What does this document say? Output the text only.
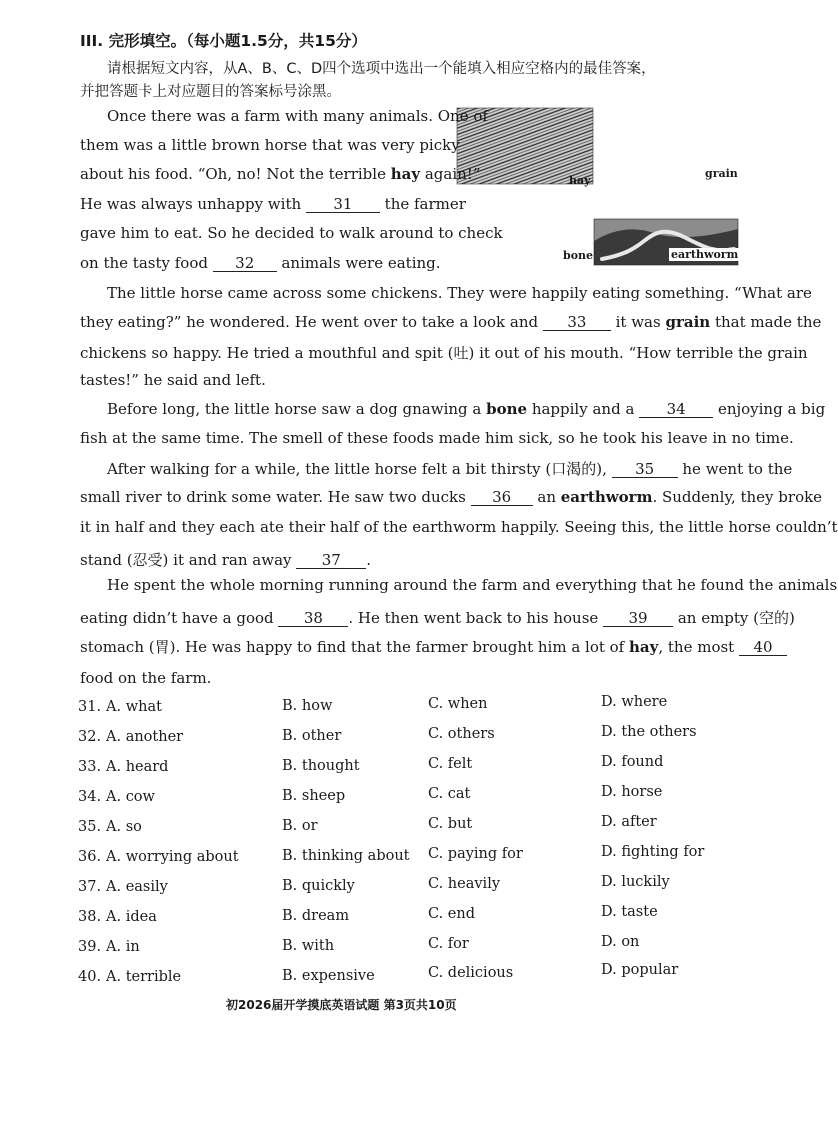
III. 完形填空。（每小题1.5分，共15分）
请根据短文内容，从A、B、C、D四个选项中选出一个能填入相应空格内的最佳答案，
并把答题卡上对应题目的答案标号涂黑。
hay
grain
bone	earthworm
Once there was a farm with many animals. One of
them was a little brown horse that was very picky
about his food. “Oh, no! Not the terrible hay again!”
He was always unhappy with 31 the farmer
gave him to eat. So he decided to walk around to check
on the tasty food 32 animals were eating.
The little horse came across some chickens. They were happily eating something. “What are
they eating?” he wondered. He went over to take a look and 33 it was grain that made the
chickens so happy. He tried a mouthful and spit (吐) it out of his mouth. “How terrible the grain
tastes!” he said and left.
Before long, the little horse saw a dog gnawing a bone happily and a 34 enjoying a big
fish at the same time. The smell of these foods made him sick, so he took his leave in no time.
After walking for a while, the little horse felt a bit thirsty (口渴的), 35 he went to the
small river to drink some water. He saw two ducks 36 an earthworm. Suddenly, they broke
it in half and they each ate their half of the earthworm happily. Seeing this, the little horse couldn’t
stand (忍受) it and ran away 37 .
He spent the whole morning running around the farm and everything that he found the animals
eating didn’t have a good 38 . He then went back to his house 39 an empty (空的)
stomach (胃). He was happy to find that the farmer brought him a lot of hay, the most 40
food on the farm.
31. A. what	B. how	C. when	D. where
32. A. another	B. other	C. others	D. the others
33. A. heard	B. thought	C. felt	D. found
34. A. cow	B. sheep	C. cat	D. horse
35. A. so	B. or	C. but	D. after
36. A. worrying about	B. thinking about C. paying for	D. fighting for
37. A. easily	B. quickly	C. heavily	D. luckily
38. A. idea	B. dream	C. end	D. taste
39. A. in	B. with	C. for	D. on
40. A. terrible	B. expensive	C. delicious	D. popular
初2026届开学摸底英语试题 第3页共10页
